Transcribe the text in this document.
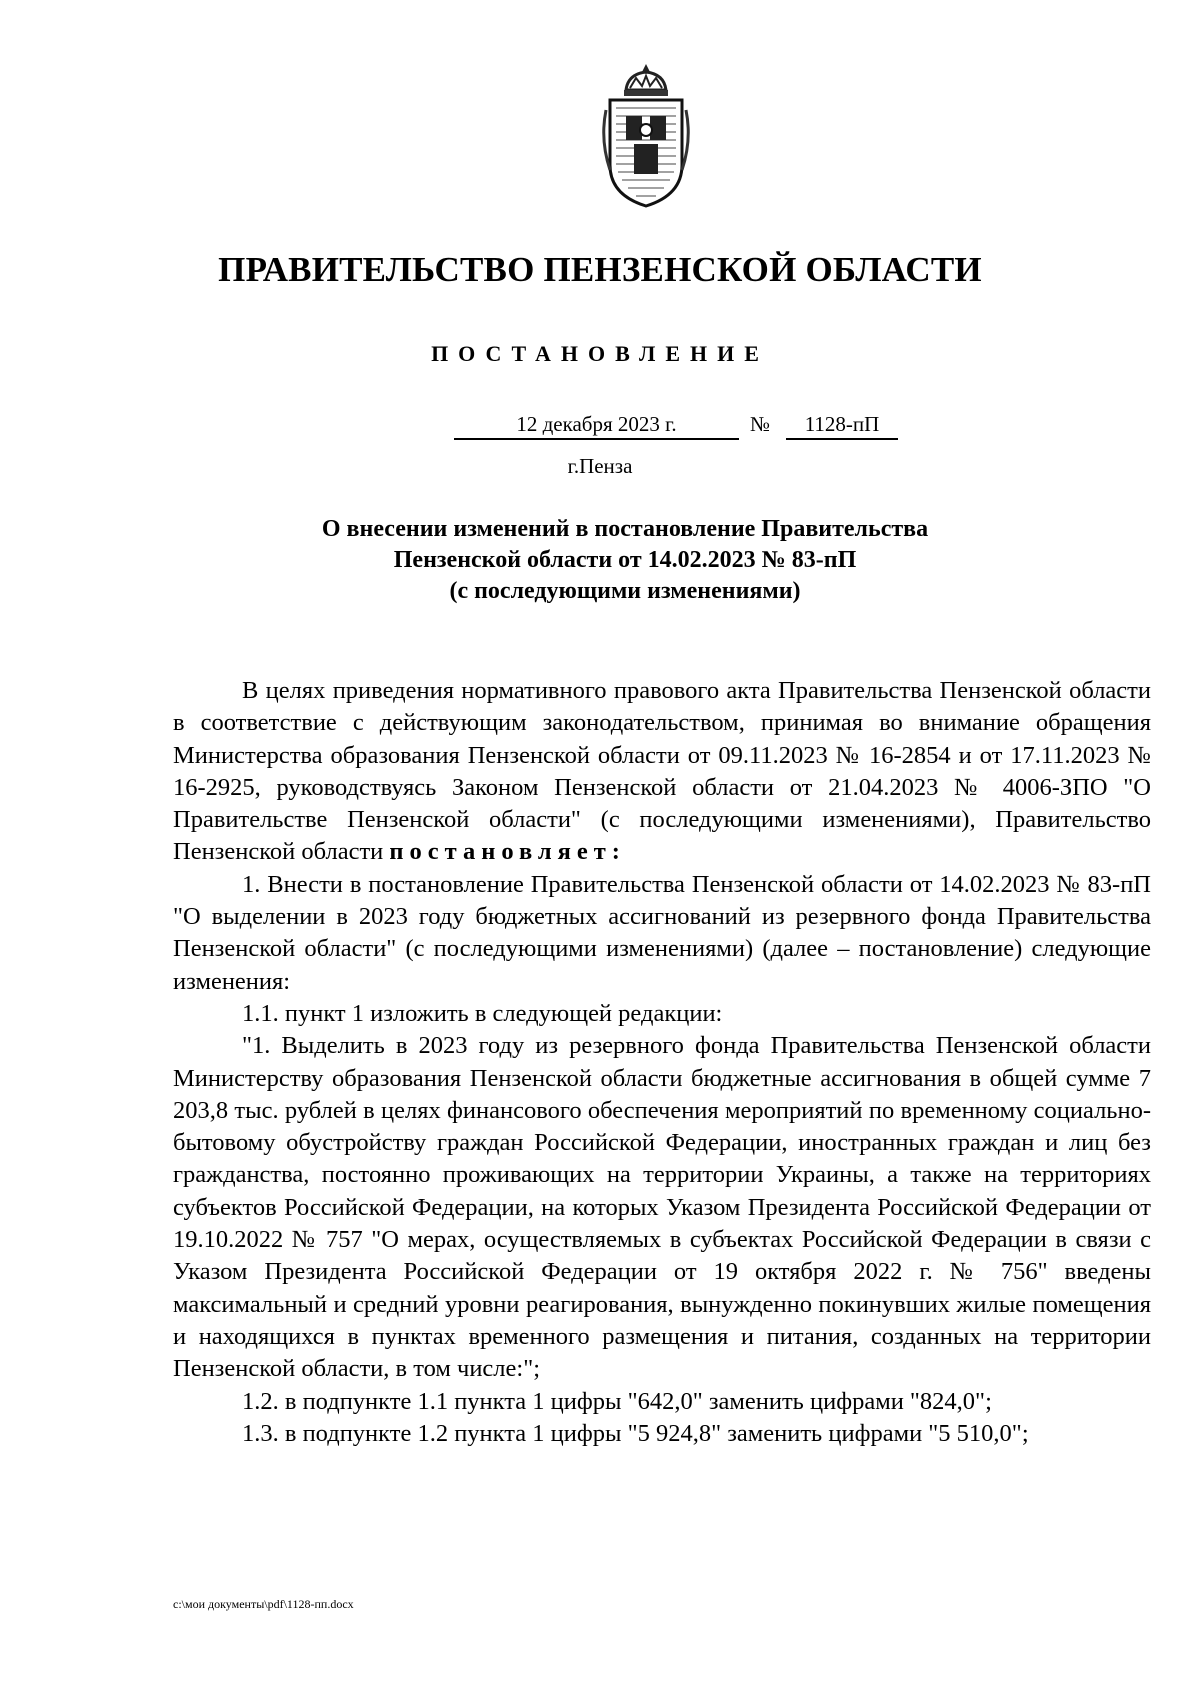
ПРАВИТЕЛЬСТВО ПЕНЗЕНСКОЙ ОБЛАСТИ
ПОСТАНОВЛЕНИЕ
12 декабря 2023 г.	№	1128-пП
г.Пенза
О внесении изменений в постановление Правительства
Пензенской области от 14.02.2023 № 83-пП
(с последующими изменениями)

В целях приведения нормативного правового акта Правительства Пензенской области в соответствие с действующим законодательством, принимая во внимание обращения Министерства образования Пензенской области от 09.11.2023 № 16-2854 и от 17.11.2023 № 16-2925, руководствуясь Законом Пензенской области от 21.04.2023 № 4006-ЗПО "О Правительстве Пензенской области" (с последующими изменениями), Правительство Пензенской области постановляет:

1. Внести в постановление Правительства Пензенской области от 14.02.2023 № 83-пП "О выделении в 2023 году бюджетных ассигнований из резервного фонда Правительства Пензенской области" (с последующими изменениями) (далее – постановление) следующие изменения:

1.1. пункт 1 изложить в следующей редакции:

"1. Выделить в 2023 году из резервного фонда Правительства Пензенской области Министерству образования Пензенской области бюджетные ассигнования в общей сумме 7 203,8 тыс. рублей в целях финансового обеспечения мероприятий по временному социально-бытовому обустройству граждан Российской Федерации, иностранных граждан и лиц без гражданства, постоянно проживающих на территории Украины, а также на территориях субъектов Российской Федерации, на которых Указом Президента Российской Федерации от 19.10.2022 № 757 "О мерах, осуществляемых в субъектах Российской Федерации в связи с Указом Президента Российской Федерации от 19 октября 2022 г. № 756" введены максимальный и средний уровни реагирования, вынужденно покинувших жилые помещения и находящихся в пунктах временного размещения и питания, созданных на территории Пензенской области, в том числе:";

1.2. в подпункте 1.1 пункта 1 цифры "642,0" заменить цифрами "824,0";

1.3. в подпункте 1.2 пункта 1 цифры "5 924,8" заменить цифрами "5 510,0";

c:\мои документы\pdf\1128-пп.docx
